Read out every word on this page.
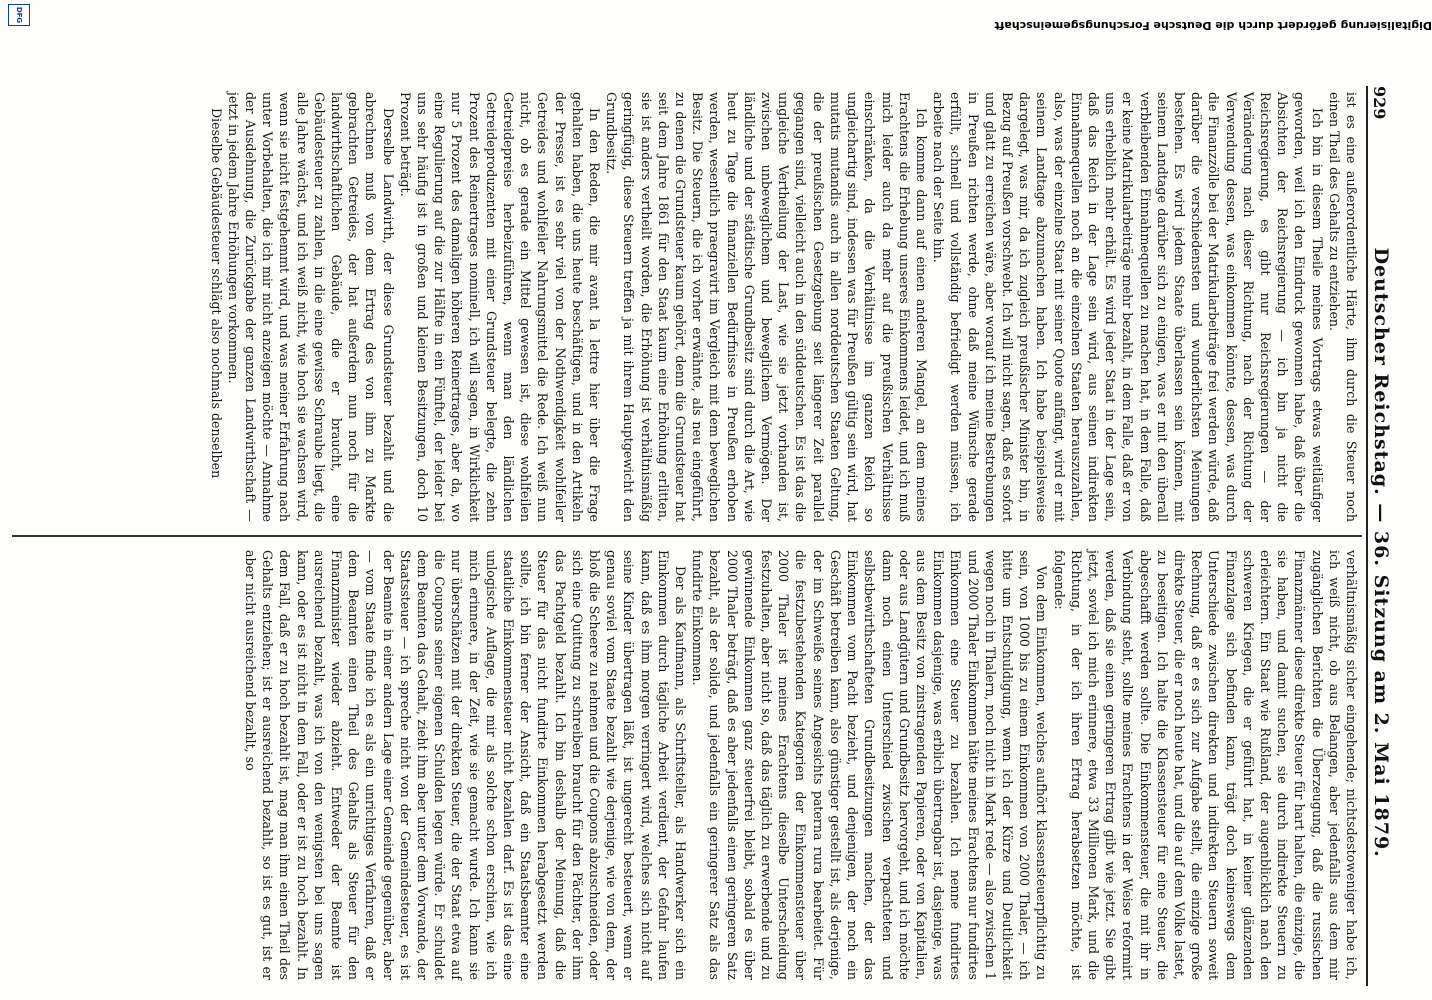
Digitalisierung gefördert durch die Deutsche Forschungsgemeinschaft
DFG
929
Deutscher Reichstag. — 36. Sitzung am 2. Mai 1879.

ist es eine außerordentliche Härte, ihm durch die Steuer noch einen Theil des Gehalts zu entziehen.

Ich bin in diesem Theile meines Vortrags etwas weitläufiger geworden, weil ich den Eindruck gewonnen habe, daß über die Absichten der Reichsregierung — ich bin ja nicht die Reichsregierung, es gibt nur Reichsregierungen — der Veränderung nach dieser Richtung, nach der Richtung der Verwendung dessen, was einkommen könnte, dessen, was durch die Finanzzölle bei der Matrikularbeiträge frei werden würde, daß darüber die verschiedensten und wunderlichsten Meinungen bestehen. Es wird jedem Staate überlassen sein können, mit seinem Landtage darüber sich zu einigen, was er mit den überall verbleibenden Einnahmequellen zu machen hat, in dem Falle, daß er keine Matrikularbeiträge mehr bezahlt, in dem Falle, daß er von uns erheblich mehr erhält. Es wird jeder Staat in der Lage sein, daß das Reich in der Lage sein wird, aus seinen indirekten Einnahmequellen noch an die einzelnen Staaten herauszuzahlen, also, was der einzelne Staat mit seiner Quote anfängt, wird er mit seinem Landtage abzumachen haben. Ich habe beispielsweise dargelegt, was mir, da ich zugleich preußischer Minister bin, in Bezug auf Preußen vorschwebt. Ich will nicht sagen, daß es sofort und glatt zu erreichen wäre, aber worauf ich meine Bestrebungen in Preußen richten werde, ohne daß meine Wünsche gerade erfüllt, schnell und vollständig befriedigt werden müssen, ich arbeite nach der Seite hin.

Ich komme dann auf einen anderen Mangel, an dem meines Erachtens die Erhebung unseres Einkommens leidet, und ich muß mich leider auch da mehr auf die preußischen Verhältnisse einschränken, da die Verhältnisse im ganzen Reich so ungleichartig sind, indessen was für Preußen gültig sein wird, hat mutatis mutandis auch in allen norddeutschen Staaten Geltung, die der preußischen Gesetzgebung seit längerer Zeit parallel gegangen sind, vielleicht auch in den süddeutschen. Es ist das die ungleiche Vertheilung der Last, wie sie jetzt vorhanden ist, zwischen unbeweglichem und beweglichem Vermögen. Der ländliche und der städtische Grundbesitz sind durch die Art, wie heut zu Tage die finanziellen Bedürfnisse in Preußen erhoben werden, wesentlich praegravirt im Vergleich mit dem beweglichen Besitz. Die Steuern, die ich vorher erwähnte, als neu eingeführt, zu denen die Grundsteuer kaum gehört, denn die Grundsteuer hat seit dem Jahre 1861 für den Staat kaum eine Erhöhung erlitten, sie ist anders vertheilt worden, die Erhöhung ist verhältnismäßig geringfügig, diese Steuern treffen ja mit ihrem Hauptgewicht den Grundbesitz.

In den Reden, die mir avant la lettre hier über die Frage gehalten haben, die uns heute beschäftigen, und in den Artikeln der Presse, ist es sehr viel von der Nothwendigkeit wohlfeiler Getreides und wohlfeiler Nahrungsmittel die Rede. Ich weiß nun nicht, ob es gerade ein Mittel gewesen ist, diese wohlfeilen Getreidepreise herbeizuführen, wenn man den ländlichen Getreideproduzenten mit einer Grundsteuer belegte, die zehn Prozent des Reinertrages nominell, ich will sagen, in Wirklichkeit nur 5 Prozent des damaligen höheren Reinertrages, aber da, wo eine Regulierung auf die zur Hälfte in ein Fünftel, der leider bei uns sehr häufig ist in großen und kleinen Besitzungen, doch 10 Prozent beträgt.

Derselbe Landwirth, der diese Grundsteuer bezahlt und die abrechnen muß von dem Ertrag des von ihm zu Markte gebrachten Getreides, der hat außerdem nun noch für die landwirthschaftlichen Gebäude, die er braucht, eine Gebäudesteuer zu zahlen, in die eine gewisse Schraube liegt, die alle Jahre wächst, und ich weiß nicht, wie hoch sie wachsen wird, wenn sie nicht festgehemmt wird, und was meiner Erfahrung nach unter Vorbehalten, die ich mir nicht anzeigen möchte — Annahme der Ausdehnung, die Zurückgabe der ganzen Landwirthschaft — jetzt in jedem Jahre Erhöhungen vorkommen.

Dieselbe Gebäudesteuer schlägt also nochmals denselben

verhältnismäßig sicher eingehende; nichtsdestoweniger habe ich, ich weiß nicht, ob aus Belangen, aber jedenfalls aus dem mir zugänglichen Berichten die Überzeugung, daß die russischen Finanzmänner diese direkte Steuer für hart halten, die einzige, die sie haben, und damit suchen, sie durch indirekte Steuern zu erleichtern. Ein Staat wie Rußland, der augenblicklich nach den schweren Kriegen, die er geführt hat, in keiner glänzenden Finanzlage sich befinden kann, trägt doch keineswegs dem Unterschiede zwischen direkten und indirekten Steuern soweit Rechnung, daß er es sich zur Aufgabe stellt, die einzige große direkte Steuer, die er noch heute hat, und die auf dem Volke lastet, zu beseitigen. Ich halte die Klassensteuer für eine Steuer, die abgeschafft werden sollte. Die Einkommensteuer, die mit ihr in Verbindung steht, sollte meines Erachtens in der Weise reformirt werden, daß sie einen geringeren Ertrag gibt wie jetzt. Sie gibt jetzt, soviel ich mich erinnere, etwa 33 Millionen Mark, und die Richtung, in der ich ihren Ertrag herabsetzen möchte, ist folgende:

Von dem Einkommen, welches aufhört klassensteuerpflichtig zu sein, von 1000 bis zu einem Einkommen von 2000 Thaler, — ich bitte um Entschuldigung, wenn ich der Kürze und Deutlichkeit wegen noch in Thalern, noch nicht in Mark rede — also zwischen 1 und 2000 Thaler Einkommen hätte meines Erachtens nur fundirtes Einkommen eine Steuer zu bezahlen. Ich nenne fundirtes Einkommen dasjenige, was erblich übertragbar ist, dasjenige, was aus dem Besitz von zinstragenden Papieren, oder von Kapitalien, oder aus Landgütern und Grundbesitz hervorgeht, und ich möchte dann noch einen Unterschied zwischen verpachteten und selbstbewirthschafteten Grundbesitzungen machen, der das Einkommen vom Pacht bezieht, und denjenigen, der noch ein Geschäft betreiben kann, also günstiger gestellt ist, als derjenige, der im Schweiße seines Angesichts paterna rura bearbeitet. Für die festzubestehenden Kategorien der Einkommensteuer über 2000 Thaler ist meines Erachtens dieselbe Unterscheidung festzuhalten, aber nicht so, daß das täglich zu erwerbende und zu gewinnende Einkommen ganz steuerfrei bleibt, sobald es über 2000 Thaler beträgt, daß es aber jedenfalls einen geringeren Satz bezahlt, als der solide, und jedenfalls ein geringerer Satz als das fundirte Einkommen.

Der als Kaufmann, als Schriftsteller, als Handwerker sich ein Einkommen durch tägliche Arbeit verdient, der Gefahr laufen kann, daß es ihm morgen verringert wird, welches sich nicht auf seine Kinder übertragen läßt, ist ungerecht besteuert, wenn er genau soviel vom Staate bezahlt wie derjenige, wie von dem, der bloß die Scheere zu nehmen und die Coupons abzuschneiden, oder sich eine Quittung zu schreiben braucht für den Pächter, der ihm das Pachtgeld bezahlt. Ich bin deshalb der Meinung, daß die Steuer für das nicht fundirte Einkommen herabgesetzt werden sollte, ich bin ferner der Ansicht, daß ein Staatsbeamter eine staatliche Einkommensteuer nicht bezahlen darf. Es ist das eine unlogische Auflage, die mir als solche schon erschien, wie ich mich erinnere, in der Zeit, wie sie gemacht wurde. Ich kann sie nur überschätzen mit der direkten Steuer, die der Staat etwa auf die Coupons seiner eigenen Schulden legen würde. Er schuldet dem Beamten das Gehalt, zieht ihm aber unter dem Vorwande, der Staatssteuer — ich spreche nicht von der Gemeindesteuer, es ist der Beamte in einer andern Lage einer Gemeinde gegenüber, aber — vom Staate finde ich es als ein unrichtiges Verfahren, daß er dem Beamten einen Theil des Gehalts als Steuer für den Finanzminister wieder abzieht. Entweder der Beamte ist ausreichend bezahlt, was ich von den wenigsten bei uns sagen kann, oder es ist nicht in dem Fall, oder er ist zu hoch bezahlt. In dem Fall, daß er zu hoch bezahlt ist, mag man ihm einen Theil des Gehalts entziehen; ist er ausreichend bezahlt, so ist es gut, ist er aber nicht ausreichend bezahlt, so
